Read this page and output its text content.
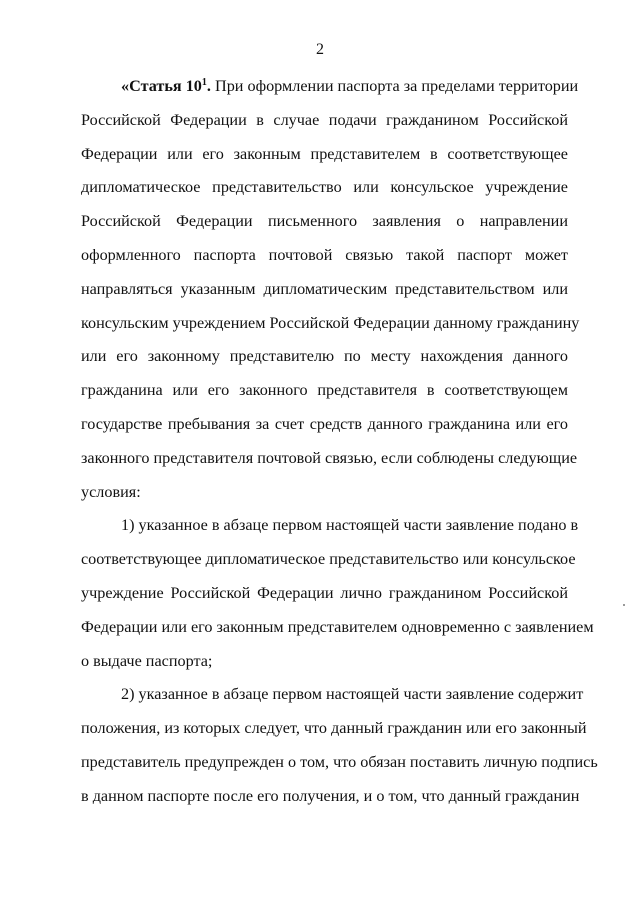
2
«Статья $10^1$. При оформлении паспорта за пределами территории
Российской Федерации в случае подачи гражданином Российской
Федерации или его законным представителем в соответствующее
дипломатическое представительство или консульское учреждение
Российской Федерации письменного заявления о направлении
оформленного паспорта почтовой связью такой паспорт может
направляться указанным дипломатическим представительством или
консульским учреждением Российской Федерации данному гражданину
или его законному представителю по месту нахождения данного
гражданина или его законного представителя в соответствующем
государстве пребывания за счет средств данного гражданина или его
законного представителя почтовой связью, если соблюдены следующие
условия:
1) указанное в абзаце первом настоящей части заявление подано в
соответствующее дипломатическое представительство или консульское
учреждение Российской Федерации лично гражданином Российской
Федерации или его законным представителем одновременно с заявлением
о выдаче паспорта;
2) указанное в абзаце первом настоящей части заявление содержит
положения, из которых следует, что данный гражданин или его законный
представитель предупрежден о том, что обязан поставить личную подпись
в данном паспорте после его получения, и о том, что данный гражданин
